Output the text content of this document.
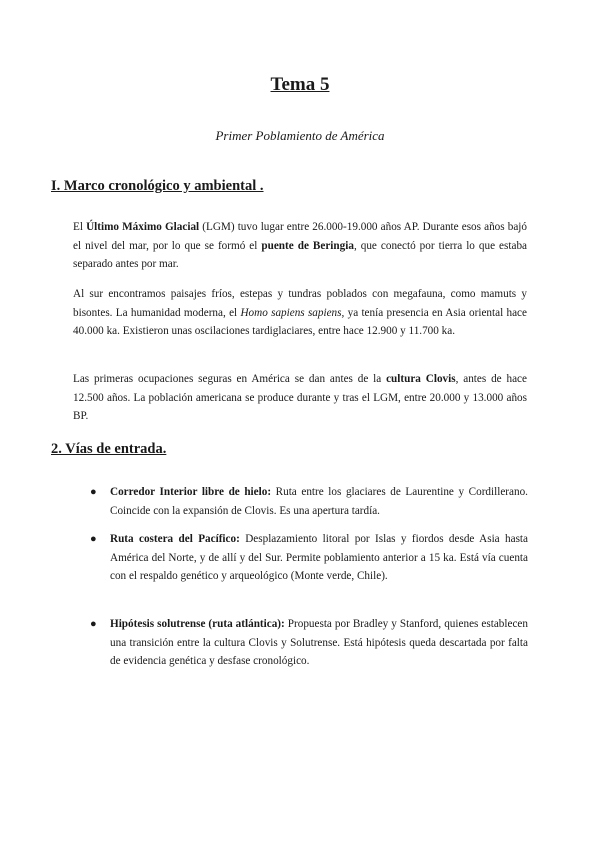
Tema 5

Primer Poblamiento de América

I. Marco cronológico y ambiental .

El Último Máximo Glacial (LGM) tuvo lugar entre 26.000-19.000 años AP. Durante esos años bajó el nivel del mar, por lo que se formó el puente de Beringia, que conectó por tierra lo que estaba separado antes por mar.

Al sur encontramos paisajes fríos, estepas y tundras poblados con megafauna, como mamuts y bisontes. La humanidad moderna, el Homo sapiens sapiens, ya tenía presencia en Asia oriental hace 40.000 ka. Existieron unas oscilaciones tardiglaciares, entre hace 12.900 y 11.700 ka.

Las primeras ocupaciones seguras en América se dan antes de la cultura Clovis, antes de hace 12.500 años. La población americana se produce durante y tras el LGM, entre 20.000 y 13.000 años BP.

2. Vías de entrada.
● Corredor Interior libre de hielo: Ruta entre los glaciares de Laurentine y Cordillerano. Coincide con la expansión de Clovis. Es una apertura tardía.
● Ruta costera del Pacífico: Desplazamiento litoral por Islas y fiordos desde Asia hasta América del Norte, y de allí y del Sur. Permite poblamiento anterior a 15 ka. Está vía cuenta con el respaldo genético y arqueológico (Monte verde, Chile).
● Hipótesis solutrense (ruta atlántica): Propuesta por Bradley y Stanford, quienes establecen una transición entre la cultura Clovis y Solutrense. Está hipótesis queda descartada por falta de evidencia genética y desfase cronológico.
